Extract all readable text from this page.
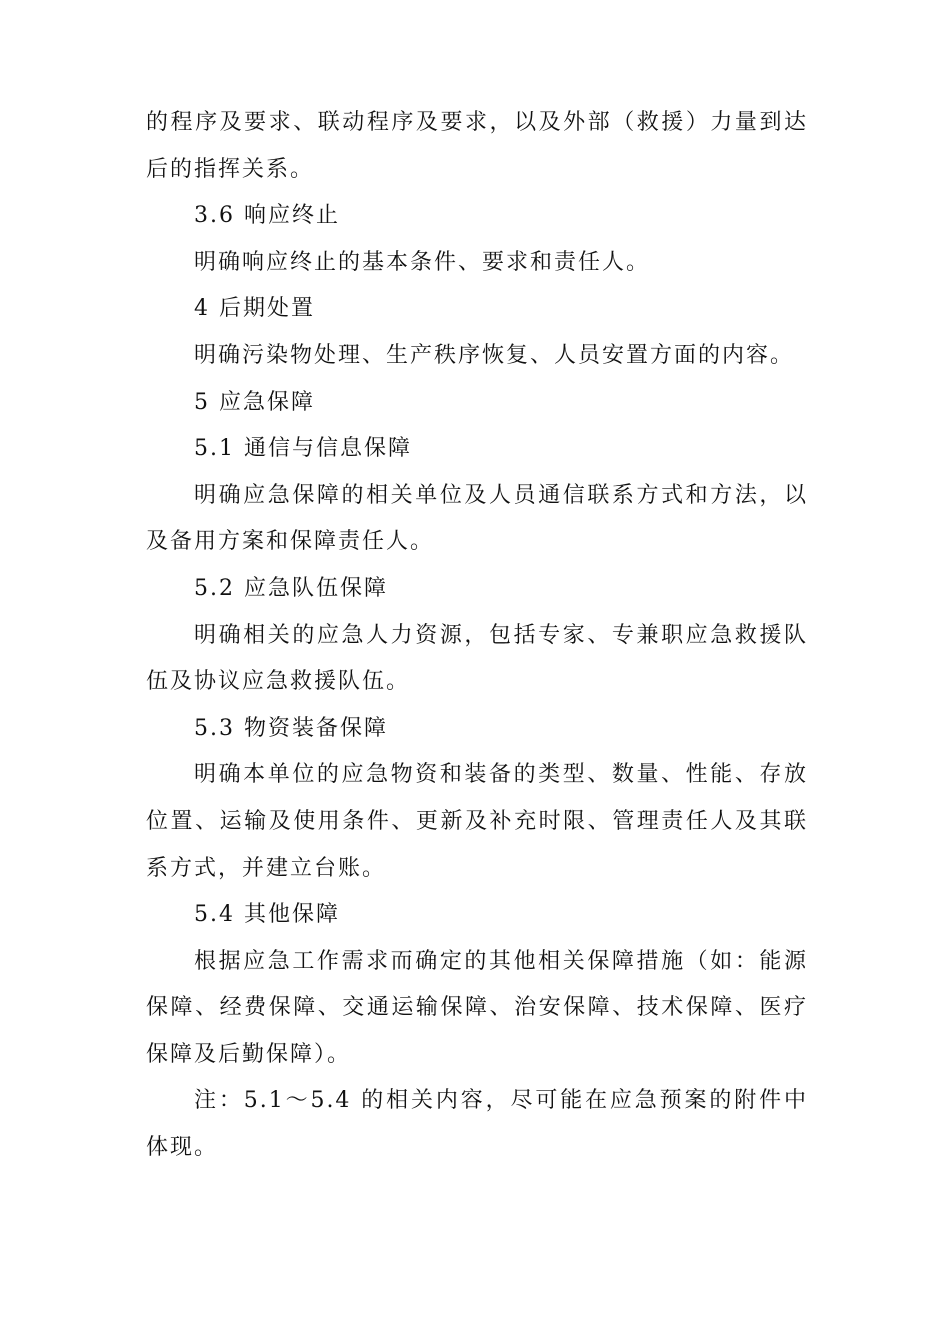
的程序及要求、联动程序及要求，以及外部（救援）力量到达后的指挥关系。

3.6 响应终止

明确响应终止的基本条件、要求和责任人。

4 后期处置

明确污染物处理、生产秩序恢复、人员安置方面的内容。

5 应急保障

5.1 通信与信息保障

明确应急保障的相关单位及人员通信联系方式和方法，以及备用方案和保障责任人。

5.2 应急队伍保障

明确相关的应急人力资源，包括专家、专兼职应急救援队伍及协议应急救援队伍。

5.3 物资装备保障

明确本单位的应急物资和装备的类型、数量、性能、存放位置、运输及使用条件、更新及补充时限、管理责任人及其联系方式，并建立台账。

5.4 其他保障

根据应急工作需求而确定的其他相关保障措施（如：能源保障、经费保障、交通运输保障、治安保障、技术保障、医疗保障及后勤保障）。

注：5.1～5.4 的相关内容，尽可能在应急预案的附件中体现。
